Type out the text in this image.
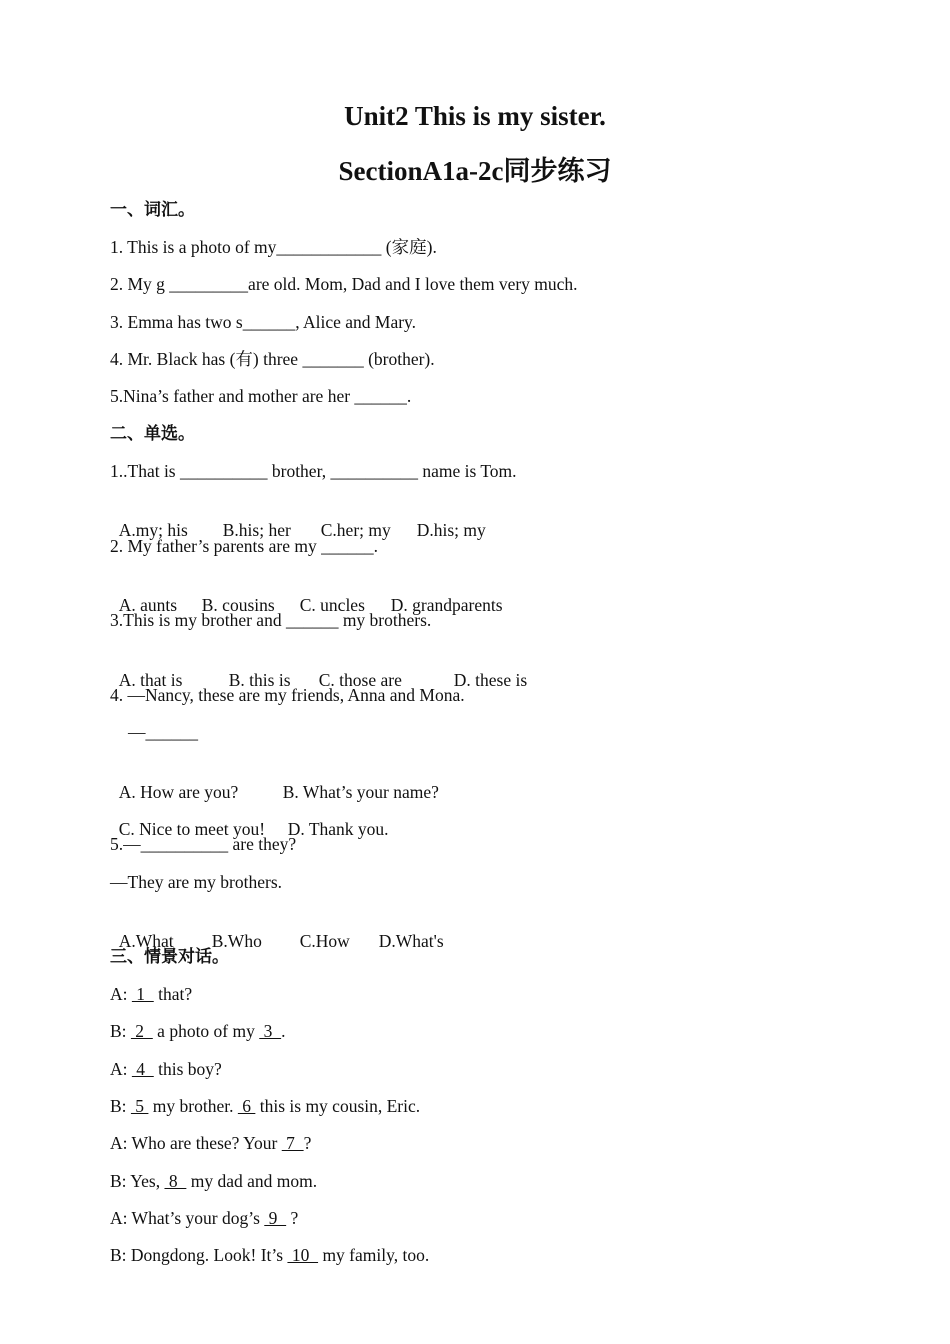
Unit2 This is my sister.
SectionA1a-2c同步练习
一、词汇。
1. This is a photo of my____________ (家庭).
2. My g _________are old. Mom, Dad and I love them very much.
3. Emma has two s______, Alice and Mary.
4. Mr. Black has (有) three _______ (brother).
5.Nina’s father and mother are her ______.
二、单选。
1..That is __________ brother, __________ name is Tom.

A.my; his B.his; her C.her; my D.his; my

2. My father’s parents are my ______.

A. aunts B. cousins C. uncles D. grandparents

3.This is my brother and ______ my brothers.

A. that is	B. this is C. those are	D. these is

4. —Nancy, these are my friends, Anna and Mona.
—______

A. How are you?	B. What’s your name?

C. Nice to meet you! D. Thank you.

5.—__________ are they?
—They are my brothers.

A.What B.Who C.How D.What's

三、情景对话。
A:  1   that?
B:  2   a photo of my  3  .
A:  4   this boy?
B:  5  my brother.  6  this is my cousin, Eric.
A: Who are these? Your  7  ?
B: Yes,  8   my dad and mom.
A: What’s your dog’s  9   ?
B: Dongdong. Look! It’s  10   my family, too.
